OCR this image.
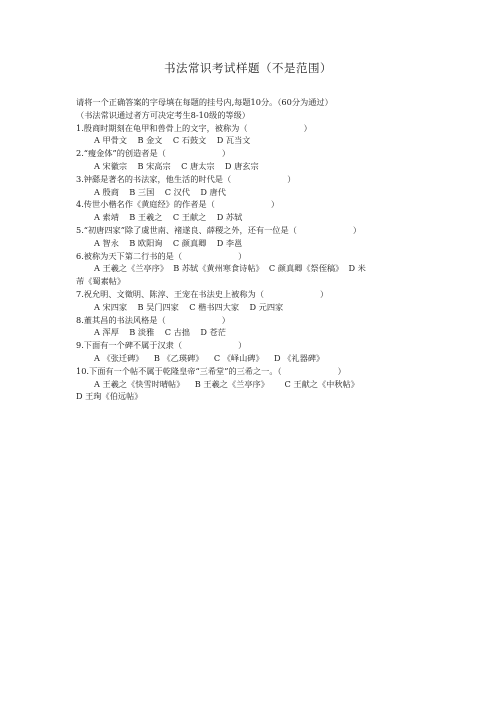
书法常识考试样题（不是范围）
请将一个正确答案的字母填在每题的挂号内,每题10分。（60分为通过）
（书法常识通过者方可决定考生8-10级的等级）
1.殷商时期刻在龟甲和兽骨上的文字，被称为（	）
A 甲骨文    B 金文    C 石鼓文    D 瓦当文
2.“瘦金体”的创造者是（	）
A 宋徽宗    B 宋高宗    C 唐太宗    D 唐玄宗
3.钟繇是著名的书法家，他生活的时代是（	）
A 殷商    B 三国    C 汉代    D 唐代
4.传世小楷名作《黄庭经》的作者是（	）
A 索靖    B 王羲之    C 王献之    D 苏轼
5.“初唐四家”除了虞世南、褚遂良、薛稷之外，还有一位是（	）
A 智永    B 欧阳询    C 颜真卿    D 李邕
6.被称为天下第二行书的是（	）
A 王羲之《兰亭序》  B 苏轼《黄州寒食诗帖》  C 颜真卿《祭侄稿》  D 米
芾《蜀素帖》
7.祝允明、文徵明、陈淳、王宠在书法史上被称为（	）
A 宋四家    B 吴门四家    C 楷书四大家    D 元四家
8.董其昌的书法风格是（	）
A 浑厚    B 淡雅    C 古拙    D 苍茫
9.下面有一个碑不属于汉隶（	）
A 《张迁碑》    B 《乙瑛碑》    C 《峄山碑》    D 《礼器碑》
10.下面有一个帖不属于乾隆皇帝“三希堂”的三希之一。（	）
A 王羲之《快雪时晴帖》    B 王羲之《兰亭序》      C 王献之《中秋帖》
D 王珣《伯远帖》
